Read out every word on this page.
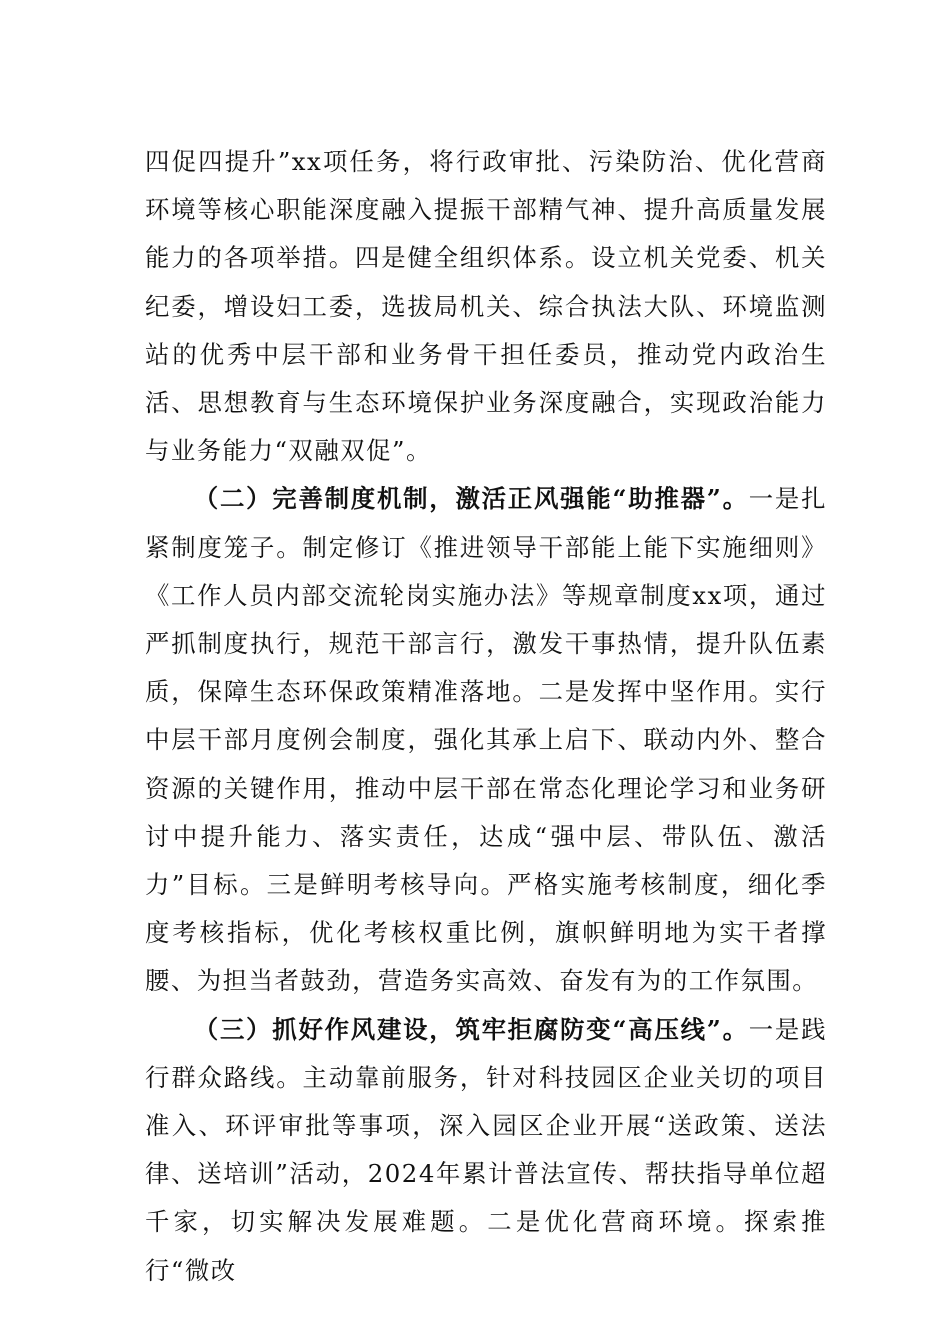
四促四提升”xx项任务，将行政审批、污染防治、优化营商环境等核心职能深度融入提振干部精气神、提升高质量发展能力的各项举措。四是健全组织体系。设立机关党委、机关纪委，增设妇工委，选拔局机关、综合执法大队、环境监测站的优秀中层干部和业务骨干担任委员，推动党内政治生活、思想教育与生态环境保护业务深度融合，实现政治能力与业务能力“双融双促”。

（二）完善制度机制，激活正风强能“助推器”。一是扎紧制度笼子。制定修订《推进领导干部能上能下实施细则》《工作人员内部交流轮岗实施办法》等规章制度xx项，通过严抓制度执行，规范干部言行，激发干事热情，提升队伍素质，保障生态环保政策精准落地。二是发挥中坚作用。实行中层干部月度例会制度，强化其承上启下、联动内外、整合资源的关键作用，推动中层干部在常态化理论学习和业务研讨中提升能力、落实责任，达成“强中层、带队伍、激活力”目标。三是鲜明考核导向。严格实施考核制度，细化季度考核指标，优化考核权重比例，旗帜鲜明地为实干者撑腰、为担当者鼓劲，营造务实高效、奋发有为的工作氛围。

（三）抓好作风建设，筑牢拒腐防变“高压线”。一是践行群众路线。主动靠前服务，针对科技园区企业关切的项目准入、环评审批等事项，深入园区企业开展“送政策、送法律、送培训”活动，2024年累计普法宣传、帮扶指导单位超千家，切实解决发展难题。二是优化营商环境。探索推行“微改
